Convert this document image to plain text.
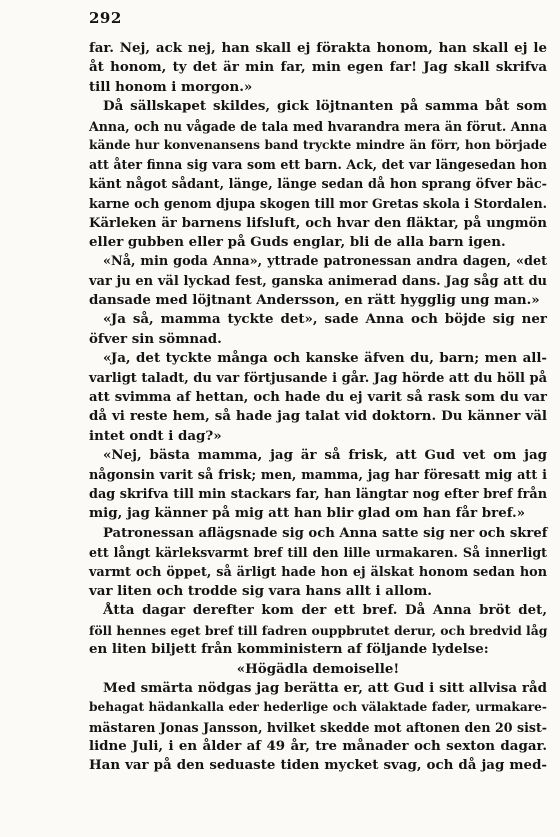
292
far. Nej, ack nej, han skall ej förakta honom, han skall ej le
åt honom, ty det är min far, min egen far! Jag skall skrifva
till honom i morgon.»
Då sällskapet skildes, gick löjtnanten på samma båt som
Anna, och nu vågade de tala med hvarandra mera än förut. Anna
kände hur konvenansens band tryckte mindre än förr, hon började
att åter finna sig vara som ett barn. Ack, det var längesedan hon
känt något sådant, länge, länge sedan då hon sprang öfver bäc-
karne och genom djupa skogen till mor Gretas skola i Stordalen.
Kärleken är barnens lifsluft, och hvar den fläktar, på ungmön
eller gubben eller på Guds englar, bli de alla barn igen.
«Nå, min goda Anna», yttrade patronessan andra dagen, «det
var ju en väl lyckad fest, ganska animerad dans. Jag såg att du
dansade med löjtnant Andersson, en rätt hygglig ung man.»
«Ja så, mamma tyckte det», sade Anna och böjde sig ner
öfver sin sömnad.
«Ja, det tyckte många och kanske äfven du, barn; men all-
varligt taladt, du var förtjusande i går. Jag hörde att du höll på
att svimma af hettan, och hade du ej varit så rask som du var
då vi reste hem, så hade jag talat vid doktorn. Du känner väl
intet ondt i dag?»
«Nej, bästa mamma, jag är så frisk, att Gud vet om jag
någonsin varit så frisk; men, mamma, jag har föresatt mig att i
dag skrifva till min stackars far, han längtar nog efter bref från
mig, jag känner på mig att han blir glad om han får bref.»
Patronessan aflägsnade sig och Anna satte sig ner och skref
ett långt kärleksvarmt bref till den lille urmakaren. Så innerligt
varmt och öppet, så ärligt hade hon ej älskat honom sedan hon
var liten och trodde sig vara hans allt i allom.
Åtta dagar derefter kom der ett bref. Då Anna bröt det,
föll hennes eget bref till fadren ouppbrutet derur, och bredvid låg
en liten biljett från komministern af följande lydelse:
«Högädla demoiselle!
Med smärta nödgas jag berätta er, att Gud i sitt allvisa råd
behagat hädankalla eder hederlige och välaktade fader, urmakare-
mästaren Jonas Jansson, hvilket skedde mot aftonen den 20 sist-
lidne Juli, i en ålder af 49 år, tre månader och sexton dagar.
Han var på den seduaste tiden mycket svag, och då jag med-
